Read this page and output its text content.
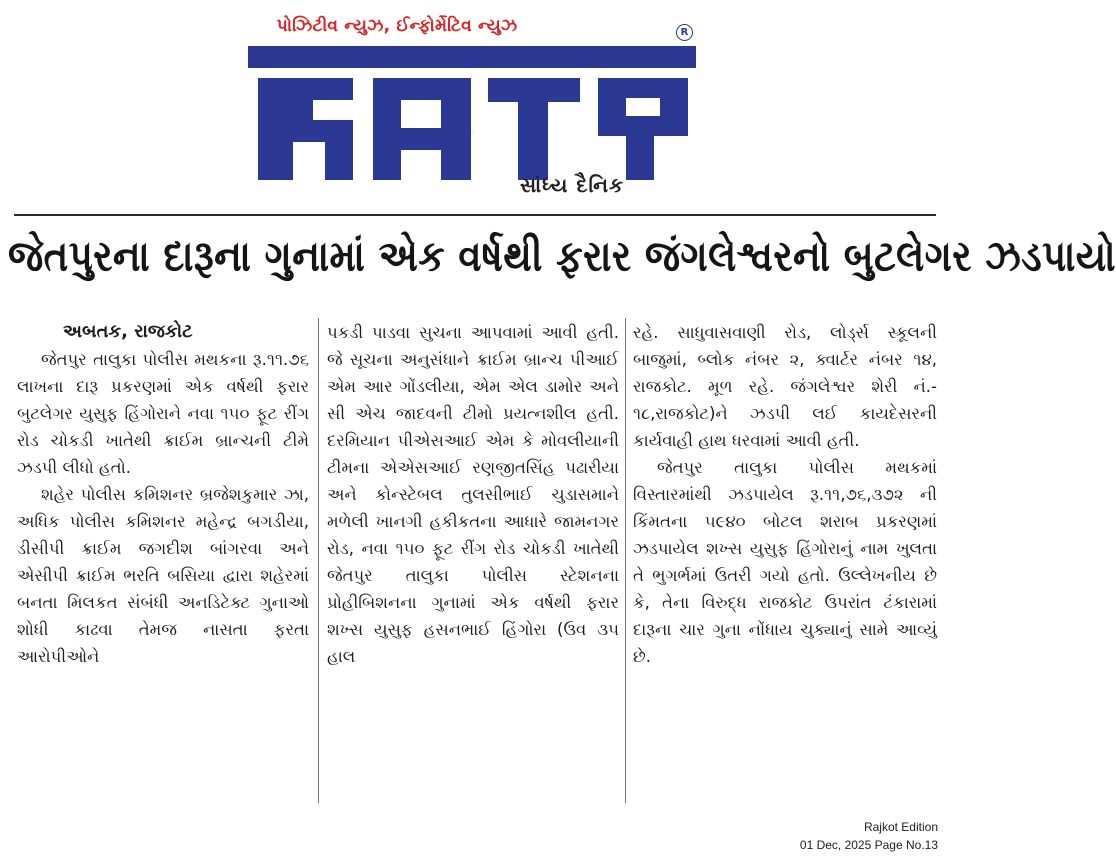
પોઝિટીવ ન્યુઝ, ઈન્ફોર્મેટિવ ન્યુઝ	R
અબતક
સાંધ્ય દૈનિક
જેતપુરના દારૂના ગુનામાં એક વર્ષથી ફરાર જંગલેશ્વરનો બુટલેગર ઝડપાયો

અબતક, રાજકોટ

જેતપુર તાલુકા પોલીસ મથકના રૂ.૧૧.૭૬ લાખના દારૂ પ્રકરણમાં એક વર્ષથી ફરાર બુટલેગર યુસુફ હિંગોરાને નવા ૧૫૦ ફૂટ રીંગ રોડ ચોકડી ખાતેથી ક્રાઈમ બ્રાન્ચની ટીમે ઝડપી લીધો હતો.

શહેર પોલીસ કમિશનર બ્રજેશકુમાર ઝા, અધિક પોલીસ કમિશનર મહેન્દ્ર બગડીયા, ડીસીપી ક્રાઈમ જગદીશ બાંગરવા અને એસીપી ક્રાઈમ ભરતિ બસિયા દ્વારા શહેરમાં બનતા મિલકત સંબંધી અનડિટેક્ટ ગુનાઓ શોધી કાઢવા તેમજ નાસતા ફરતા આરોપીઓને

પકડી પાડવા સુચના આપવામાં આવી હતી. જે સૂચના અનુસંધાને ક્રાઈમ બ્રાન્ચ પીઆઈ એમ આર ગોંડલીયા, એમ એલ ડામોર અને સી એચ જાદવની ટીમો પ્રયત્નશીલ હતી. દરમિયાન પીએસઆઈ એમ કે મોવલીયાની ટીમના એએસઆઈ રણજીતસિંહ પઢારીયા અને કોન્સ્ટેબલ તુલસીભાઈ ચુડાસમાને મળેલી ખાનગી હકીકતના આધારે જામનગર રોડ, નવા ૧૫૦ ફૂટ રીંગ રોડ ચોકડી ખાતેથી જેતપુર તાલુકા પોલીસ સ્ટેશનના પ્રોહીબિશનના ગુનામાં એક વર્ષથી ફરાર શખ્સ યુસુફ હસનભાઈ હિંગોરા (ઉવ ૩૫ હાલ

રહે. સાધુવાસવાણી રોડ, લોર્ડ્સ સ્કૂલની બાજુમાં, બ્લોક નંબર ૨, ક્વાર્ટર નંબર ૧૪, રાજકોટ. મૂળ રહે. જંગલેશ્વર શેરી નં.- ૧૮,રાજકોટ)ને ઝડપી લઈ કાયદેસરની કાર્યવાહી હાથ ધરવામાં આવી હતી.

જેતપુર તાલુકા પોલીસ મથકમાં વિસ્તારમાંથી ઝડપાયેલ રૂ.૧૧,૭૬,૩૭૨ ની કિંમતના ૫૯૪૦ બોટલ શરાબ પ્રકરણમાં ઝડપાયેલ શખ્સ યુસુફ હિંગોરાનું નામ ખુલતા તે ભુગર્ભમાં ઉતરી ગયો હતો. ઉલ્લેખનીય છે કે, તેના વિરુદ્ધ રાજકોટ ઉપરાંત ટંકારામાં દારૂના ચાર ગુના નોંધાય ચુક્યાનું સામે આવ્યું છે.

Rajkot Edition
01 Dec, 2025 Page No.13
